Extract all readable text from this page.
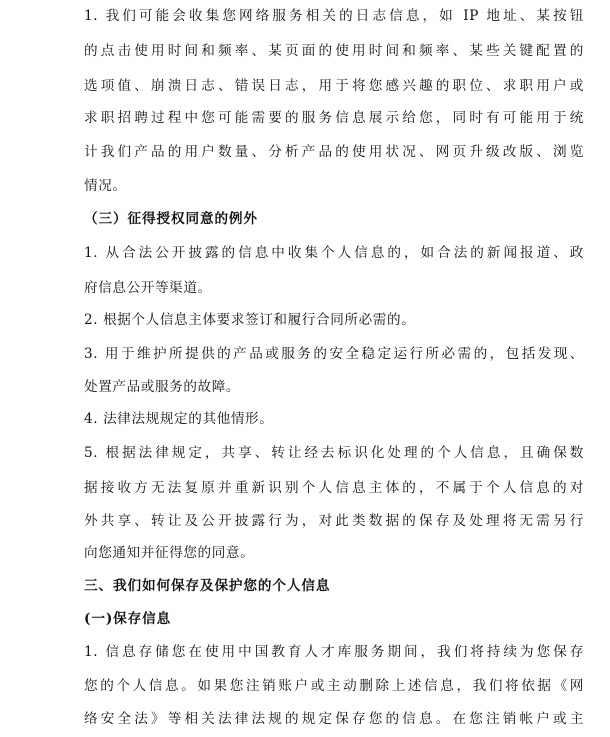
1. 我们可能会收集您网络服务相关的日志信息，如 IP 地址、某按钮
的点击使用时间和频率、某页面的使用时间和频率、某些关键配置的
选项值、崩溃日志、错误日志，用于将您感兴趣的职位、求职用户或
求职招聘过程中您可能需要的服务信息展示给您，同时有可能用于统
计我们产品的用户数量、分析产品的使用状况、网页升级改版、浏览
情况。
（三）征得授权同意的例外
1. 从合法公开披露的信息中收集个人信息的，如合法的新闻报道、政
府信息公开等渠道。
2. 根据个人信息主体要求签订和履行合同所必需的。
3. 用于维护所提供的产品或服务的安全稳定运行所必需的，包括发现、
处置产品或服务的故障。
4. 法律法规规定的其他情形。
5. 根据法律规定，共享、转让经去标识化处理的个人信息，且确保数
据接收方无法复原并重新识别个人信息主体的，不属于个人信息的对
外共享、转让及公开披露行为，对此类数据的保存及处理将无需另行
向您通知并征得您的同意。
三、我们如何保存及保护您的个人信息
(一)保存信息
1. 信息存储您在使用中国教育人才库服务期间，我们将持续为您保存
您的个人信息。如果您注销账户或主动删除上述信息，我们将依据《网
络安全法》等相关法律法规的规定保存您的信息。在您注销帐户或主
